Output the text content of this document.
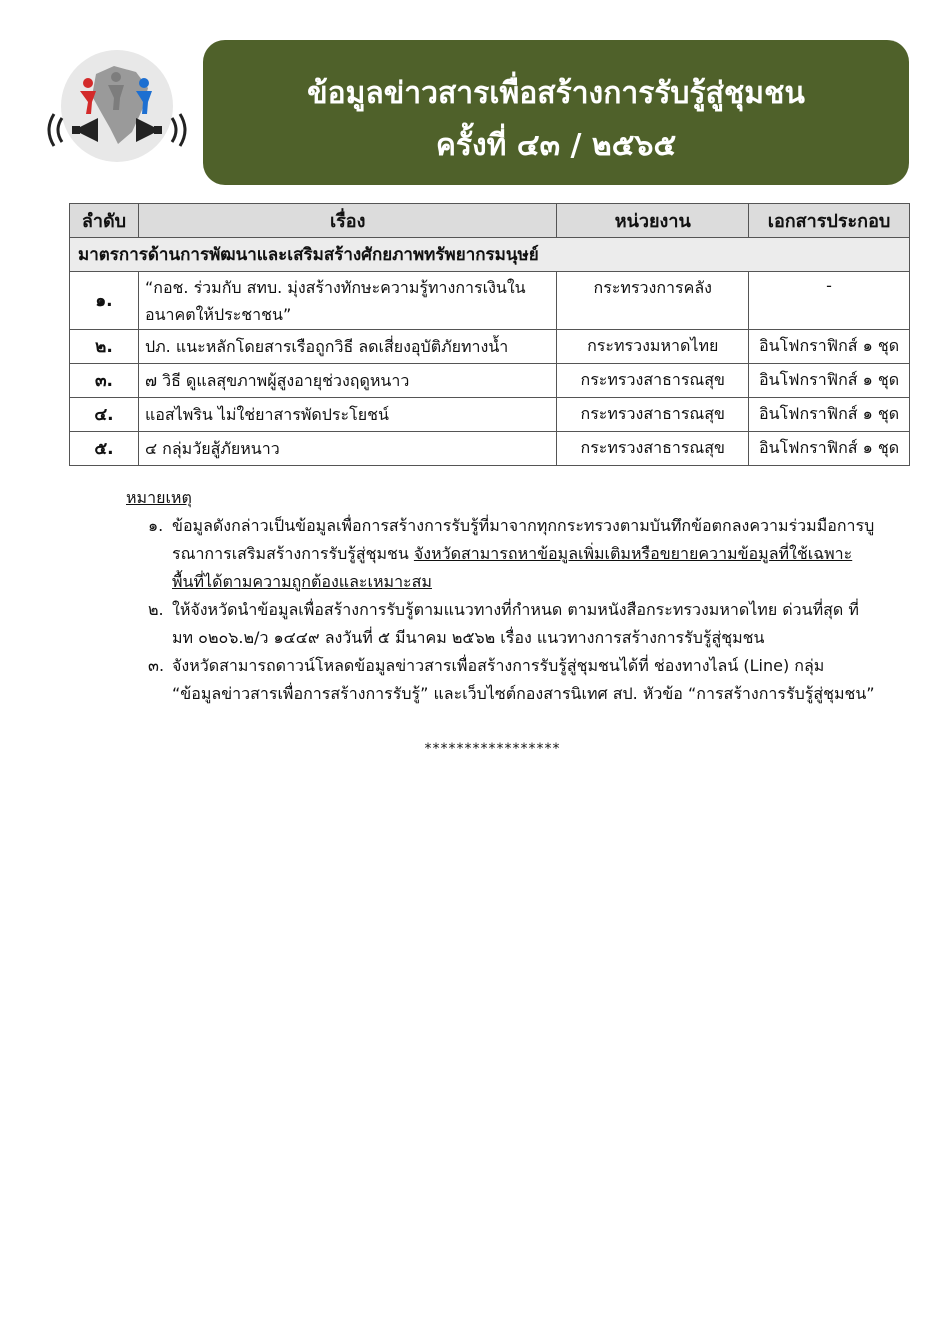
ข้อมูลข่าวสารเพื่อสร้างการรับรู้สู่ชุมชน
ครั้งที่ ๔๓ / ๒๕๖๕
ลำดับ	เรื่อง	หน่วยงาน	เอกสารประกอบ
มาตรการด้านการพัฒนาและเสริมสร้างศักยภาพทรัพยากรมนุษย์			
๑.	“กอช. ร่วมกับ สทบ. มุ่งสร้างทักษะความรู้ทางการเงินในอนาคตให้ประชาชน”	กระทรวงการคลัง	-
๒.	ปภ. แนะหลักโดยสารเรือถูกวิธี ลดเสี่ยงอุบัติภัยทางน้ำ	กระทรวงมหาดไทย	อินโฟกราฟิกส์ ๑ ชุด
๓.	๗ วิธี ดูแลสุขภาพผู้สูงอายุช่วงฤดูหนาว	กระทรวงสาธารณสุข	อินโฟกราฟิกส์ ๑ ชุด
๔.	แอสไพริน ไม่ใช่ยาสารพัดประโยชน์	กระทรวงสาธารณสุข	อินโฟกราฟิกส์ ๑ ชุด
๕.	๔ กลุ่มวัยสู้ภัยหนาว	กระทรวงสาธารณสุข	อินโฟกราฟิกส์ ๑ ชุด
หมายเหตุ
๑. ข้อมูลดังกล่าวเป็นข้อมูลเพื่อการสร้างการรับรู้ที่มาจากทุกกระทรวงตามบันทึกข้อตกลงความร่วมมือการบูรณาการเสริมสร้างการรับรู้สู่ชุมชน จังหวัดสามารถหาข้อมูลเพิ่มเติมหรือขยายความข้อมูลที่ใช้เฉพาะพื้นที่ได้ตามความถูกต้องและเหมาะสม
๒. ให้จังหวัดนำข้อมูลเพื่อสร้างการรับรู้ตามแนวทางที่กำหนด ตามหนังสือกระทรวงมหาดไทย ด่วนที่สุด ที่ มท ๐๒๐๖.๒/ว ๑๔๔๙ ลงวันที่ ๕ มีนาคม ๒๕๖๒ เรื่อง แนวทางการสร้างการรับรู้สู่ชุมชน
๓. จังหวัดสามารถดาวน์โหลดข้อมูลข่าวสารเพื่อสร้างการรับรู้สู่ชุมชนได้ที่ ช่องทางไลน์ (Line) กลุ่ม “ข้อมูลข่าวสารเพื่อการสร้างการรับรู้” และเว็บไซต์กองสารนิเทศ สป. หัวข้อ “การสร้างการรับรู้สู่ชุมชน”
*****************
